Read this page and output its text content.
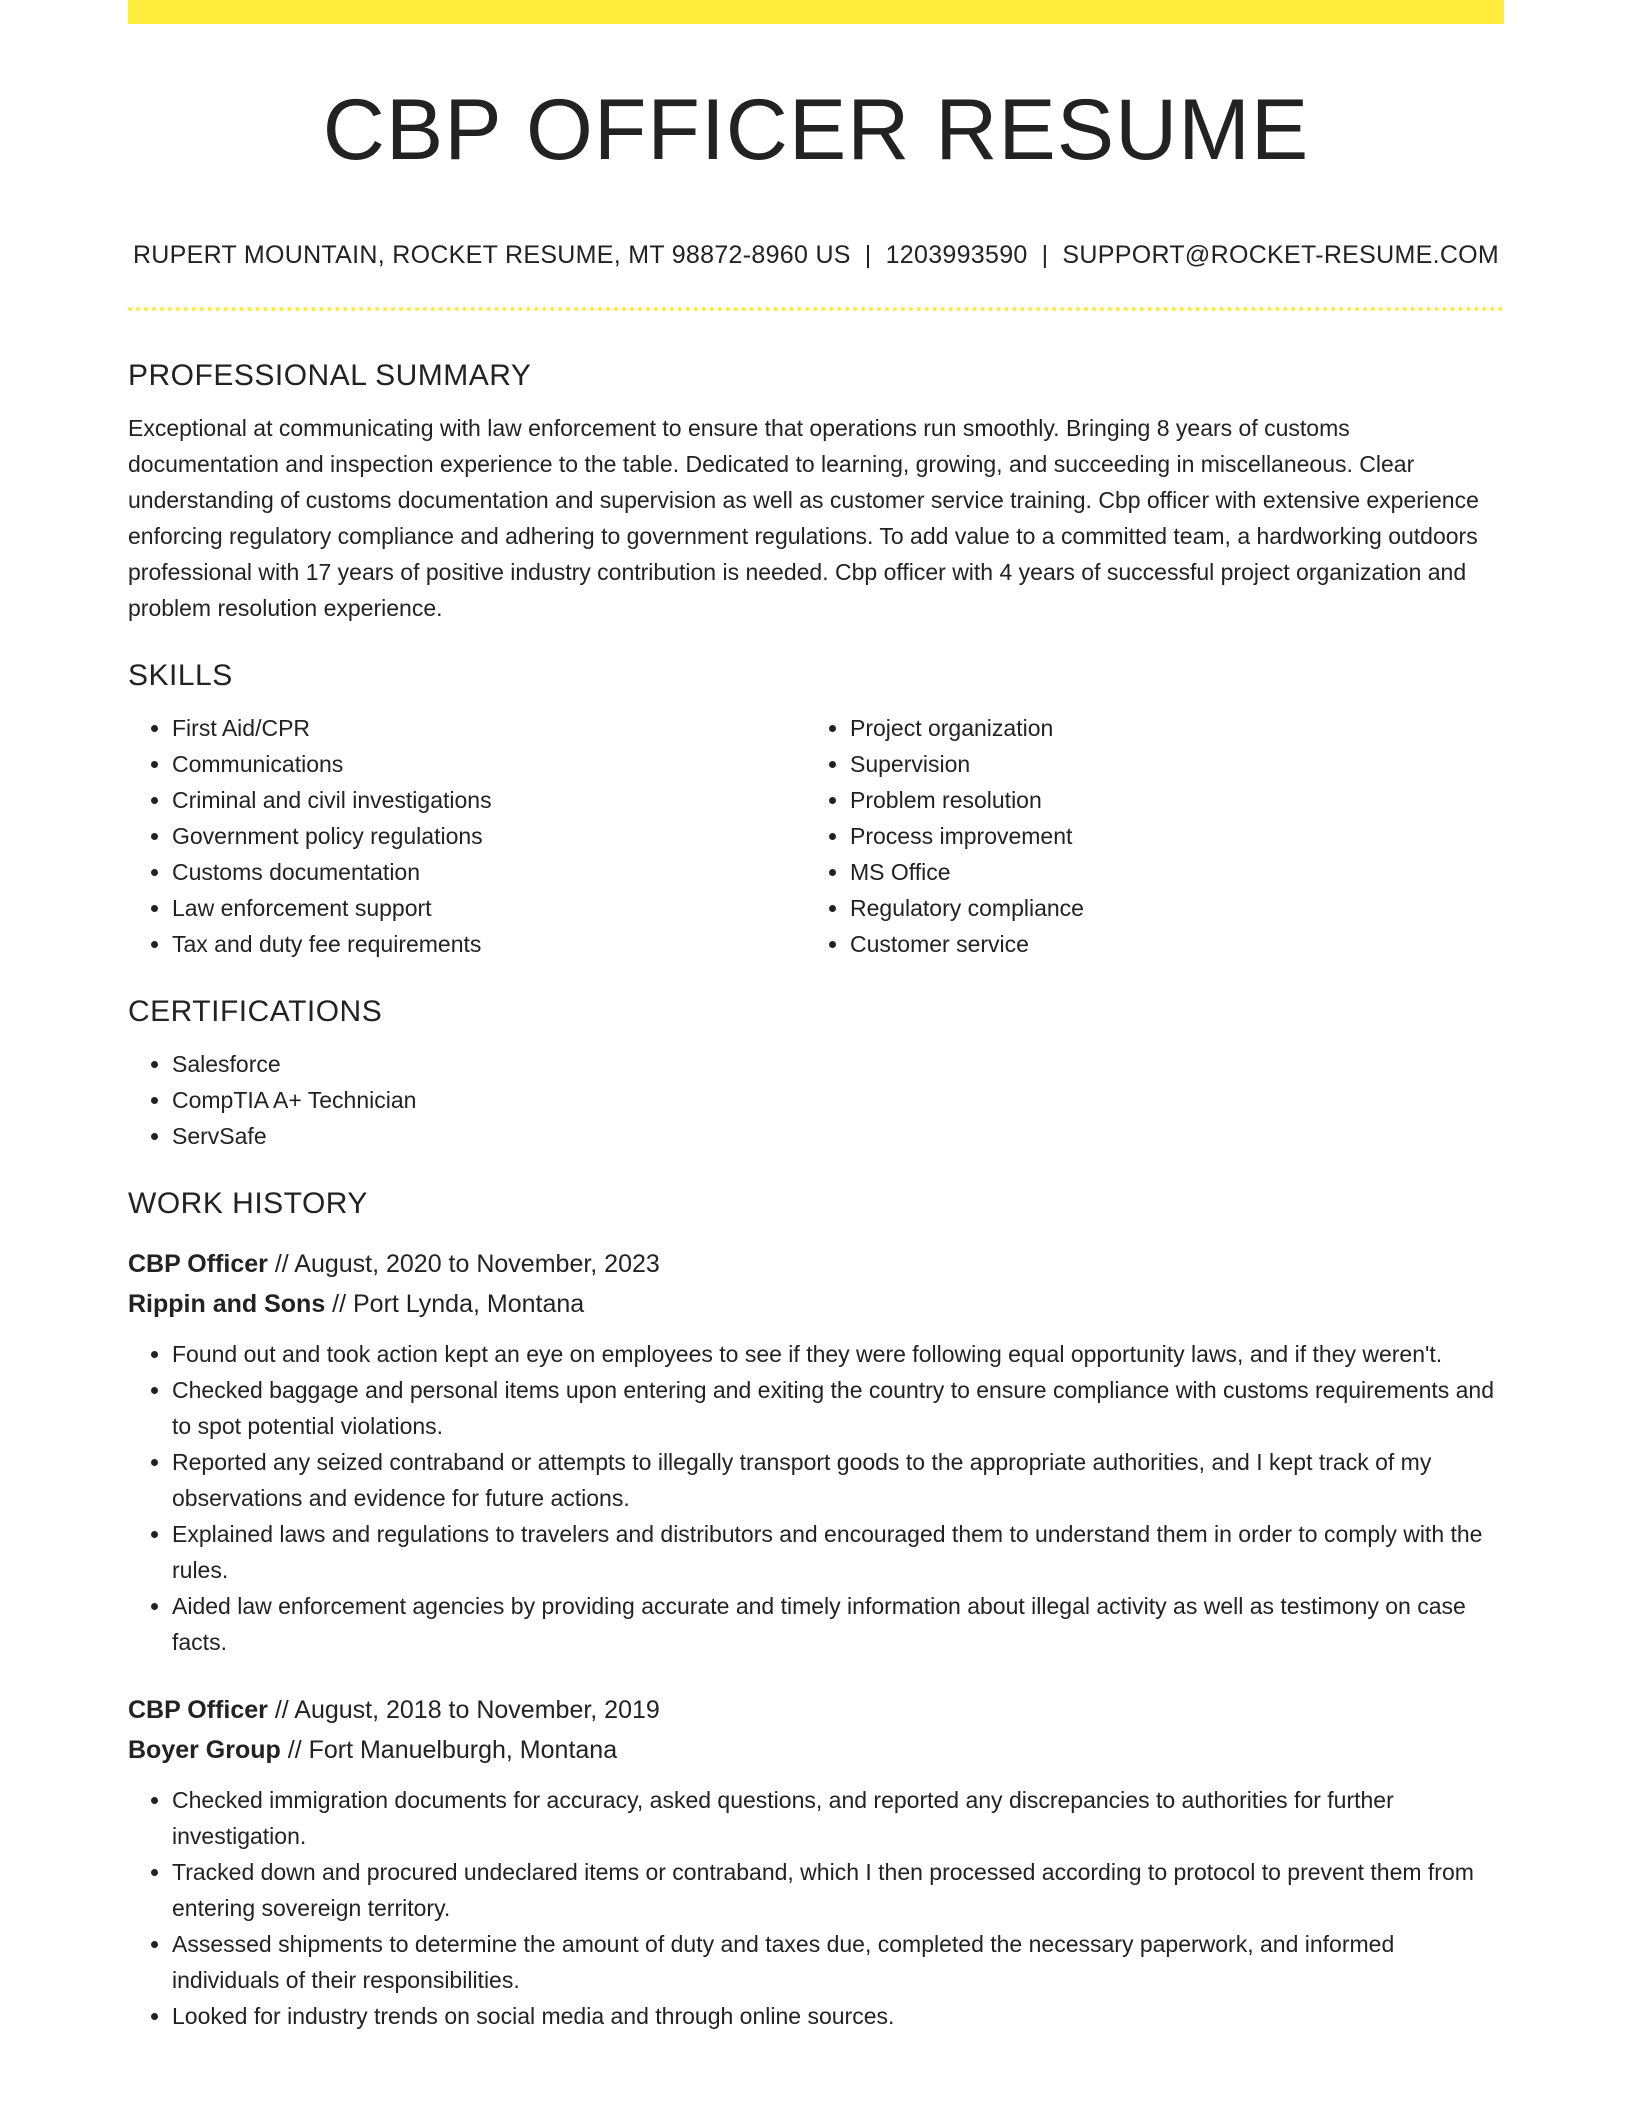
CBP OFFICER RESUME
RUPERT MOUNTAIN, ROCKET RESUME, MT 98872-8960 US | 1203993590 | SUPPORT@ROCKET-RESUME.COM
PROFESSIONAL SUMMARY

Exceptional at communicating with law enforcement to ensure that operations run smoothly. Bringing 8 years of customs documentation and inspection experience to the table. Dedicated to learning, growing, and succeeding in miscellaneous. Clear understanding of customs documentation and supervision as well as customer service training. Cbp officer with extensive experience enforcing regulatory compliance and adhering to government regulations. To add value to a committed team, a hardworking outdoors professional with 17 years of positive industry contribution is needed. Cbp officer with 4 years of successful project organization and problem resolution experience.

SKILLS
• First Aid/CPR
• Communications
• Criminal and civil investigations
• Government policy regulations
• Customs documentation
• Law enforcement support
• Tax and duty fee requirements
• Project organization
• Supervision
• Problem resolution
• Process improvement
• MS Office
• Regulatory compliance
• Customer service
CERTIFICATIONS
• Salesforce
• CompTIA A+ Technician
• ServSafe
WORK HISTORY
CBP Officer // August, 2020 to November, 2023
Rippin and Sons // Port Lynda, Montana
• Found out and took action kept an eye on employees to see if they were following equal opportunity laws, and if they weren't.
• Checked baggage and personal items upon entering and exiting the country to ensure compliance with customs requirements and to spot potential violations.
• Reported any seized contraband or attempts to illegally transport goods to the appropriate authorities, and I kept track of my observations and evidence for future actions.
• Explained laws and regulations to travelers and distributors and encouraged them to understand them in order to comply with the rules.
• Aided law enforcement agencies by providing accurate and timely information about illegal activity as well as testimony on case facts.
CBP Officer // August, 2018 to November, 2019
Boyer Group // Fort Manuelburgh, Montana
• Checked immigration documents for accuracy, asked questions, and reported any discrepancies to authorities for further investigation.
• Tracked down and procured undeclared items or contraband, which I then processed according to protocol to prevent them from entering sovereign territory.
• Assessed shipments to determine the amount of duty and taxes due, completed the necessary paperwork, and informed individuals of their responsibilities.
• Looked for industry trends on social media and through online sources.
